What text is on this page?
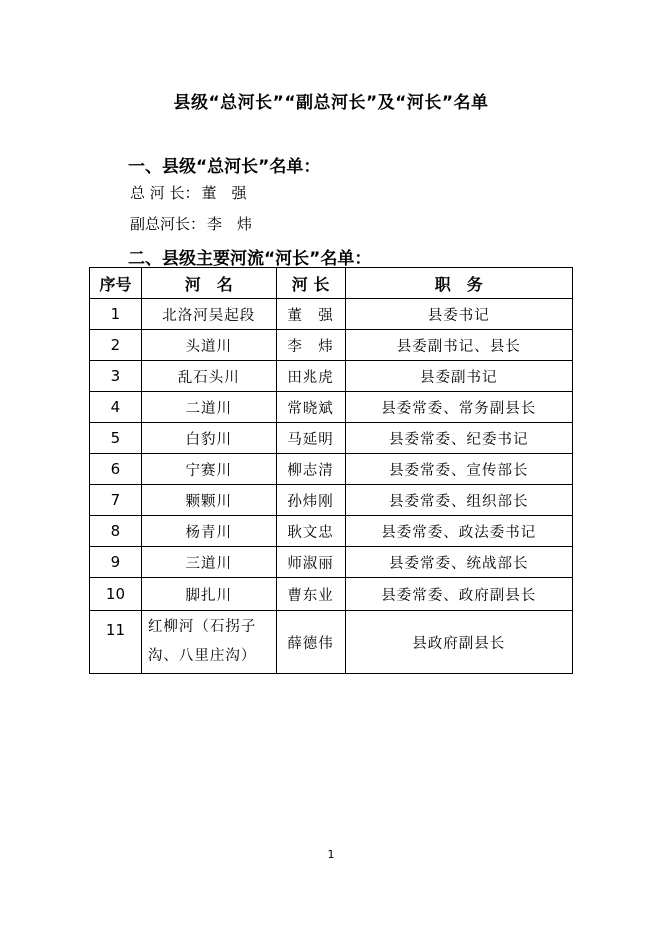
县级“总河长”“副总河长”及“河长”名单
一、县级“总河长”名单：
总 河 长： 董　强
副总河长： 李　炜
二、县级主要河流“河长”名单：
序号	河　名	河 长	职　务
1	北洛河吴起段	董　强	县委书记
2	头道川	李　炜	县委副书记、县长
3	乱石头川	田兆虎	县委副书记
4	二道川	常晓斌	县委常委、常务副县长
5	白豹川	马延明	县委常委、纪委书记
6	宁赛川	柳志清	县委常委、宣传部长
7	颗颗川	孙炜刚	县委常委、组织部长
8	杨青川	耿文忠	县委常委、政法委书记
9	三道川	师淑丽	县委常委、统战部长
10	脚扎川	曹东业	县委常委、政府副县长
11	红柳河（石拐子沟、八里庄沟）	薛德伟	县政府副县长
1
